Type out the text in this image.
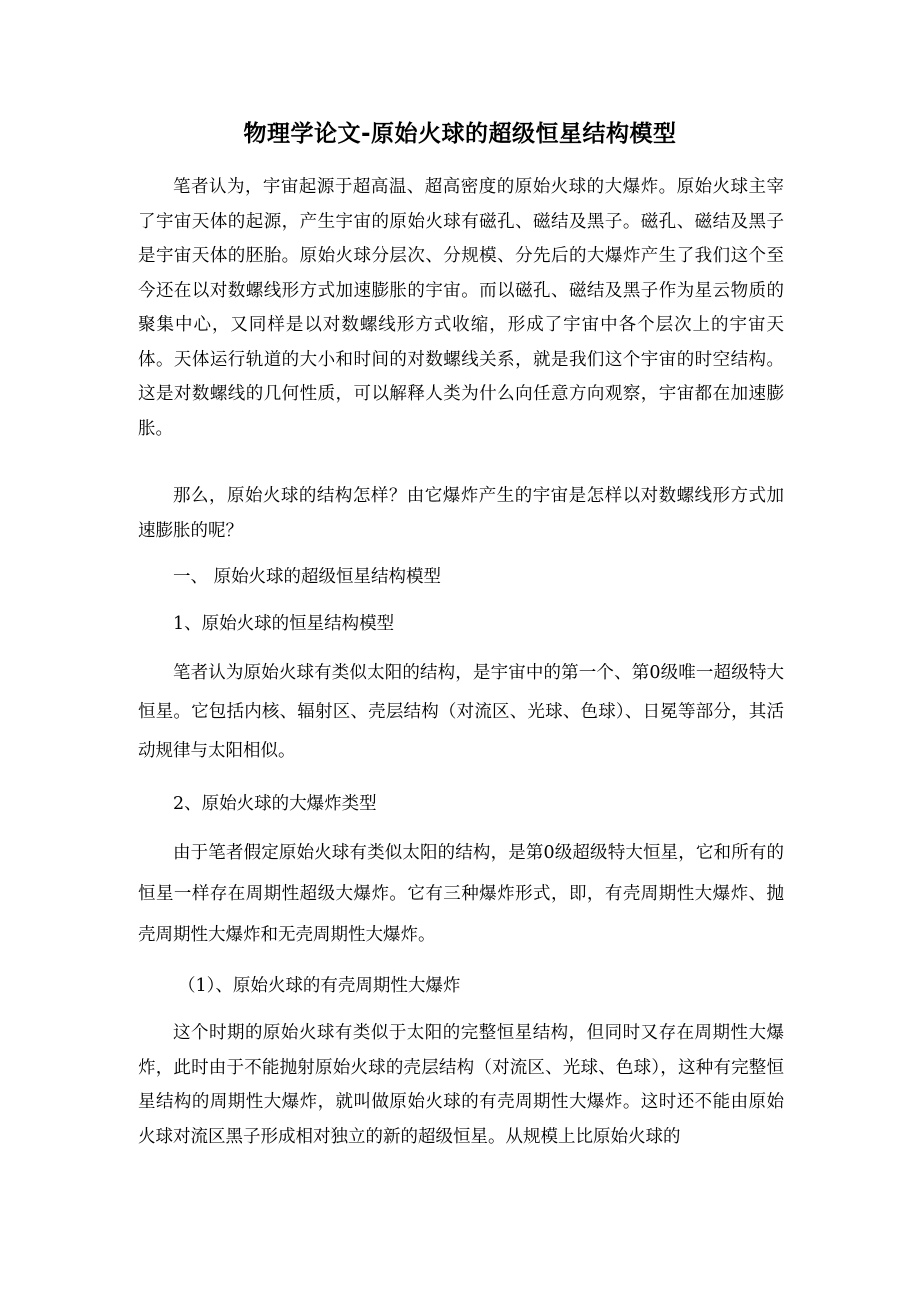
物理学论文-原始火球的超级恒星结构模型

笔者认为，宇宙起源于超高温、超高密度的原始火球的大爆炸。原始火球主宰了宇宙天体的起源，产生宇宙的原始火球有磁孔、磁结及黑子。磁孔、磁结及黑子是宇宙天体的胚胎。原始火球分层次、分规模、分先后的大爆炸产生了我们这个至今还在以对数螺线形方式加速膨胀的宇宙。而以磁孔、磁结及黑子作为星云物质的聚集中心，又同样是以对数螺线形方式收缩，形成了宇宙中各个层次上的宇宙天体。天体运行轨道的大小和时间的对数螺线关系，就是我们这个宇宙的时空结构。这是对数螺线的几何性质，可以解释人类为什么向任意方向观察，宇宙都在加速膨胀。

那么，原始火球的结构怎样？由它爆炸产生的宇宙是怎样以对数螺线形方式加速膨胀的呢？

一、 原始火球的超级恒星结构模型

1、原始火球的恒星结构模型

笔者认为原始火球有类似太阳的结构，是宇宙中的第一个、第0级唯一超级特大恒星。它包括内核、辐射区、壳层结构（对流区、光球、色球）、日冕等部分，其活动规律与太阳相似。

2、原始火球的大爆炸类型

由于笔者假定原始火球有类似太阳的结构，是第0级超级特大恒星，它和所有的恒星一样存在周期性超级大爆炸。它有三种爆炸形式，即，有壳周期性大爆炸、抛壳周期性大爆炸和无壳周期性大爆炸。

（1）、原始火球的有壳周期性大爆炸

这个时期的原始火球有类似于太阳的完整恒星结构，但同时又存在周期性大爆炸，此时由于不能抛射原始火球的壳层结构（对流区、光球、色球），这种有完整恒星结构的周期性大爆炸，就叫做原始火球的有壳周期性大爆炸。这时还不能由原始火球对流区黑子形成相对独立的新的超级恒星。从规模上比原始火球的
